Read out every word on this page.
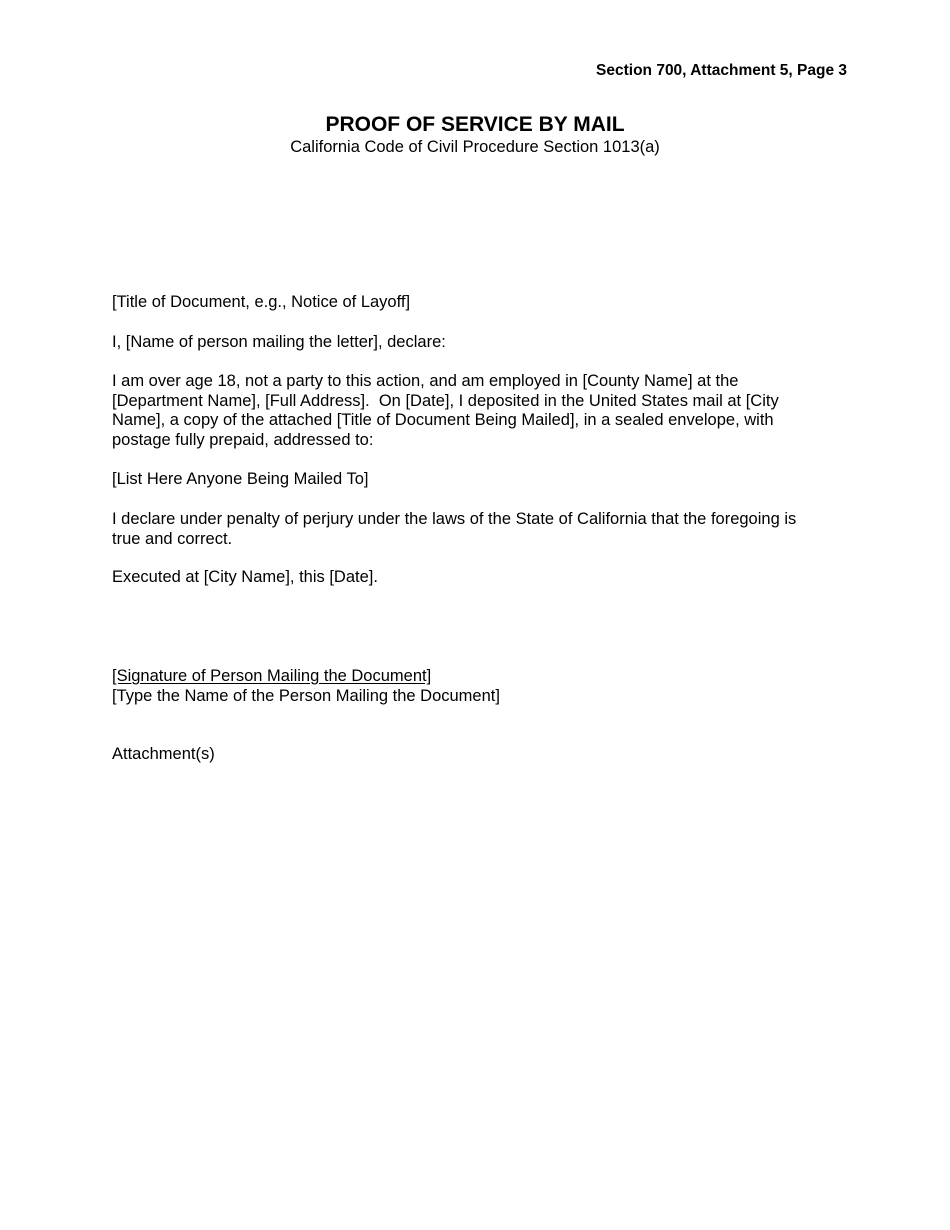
Section 700, Attachment 5, Page 3
PROOF OF SERVICE BY MAIL
California Code of Civil Procedure Section 1013(a)
[Title of Document, e.g., Notice of Layoff]
I, [Name of person mailing the letter], declare:
I am over age 18, not a party to this action, and am employed in [County Name] at the
[Department Name], [Full Address].  On [Date], I deposited in the United States mail at [City
Name], a copy of the attached [Title of Document Being Mailed], in a sealed envelope, with
postage fully prepaid, addressed to:
[List Here Anyone Being Mailed To]
I declare under penalty of perjury under the laws of the State of California that the foregoing is
true and correct.
Executed at [City Name], this [Date].
[Signature of Person Mailing the Document]
[Type the Name of the Person Mailing the Document]
Attachment(s)
